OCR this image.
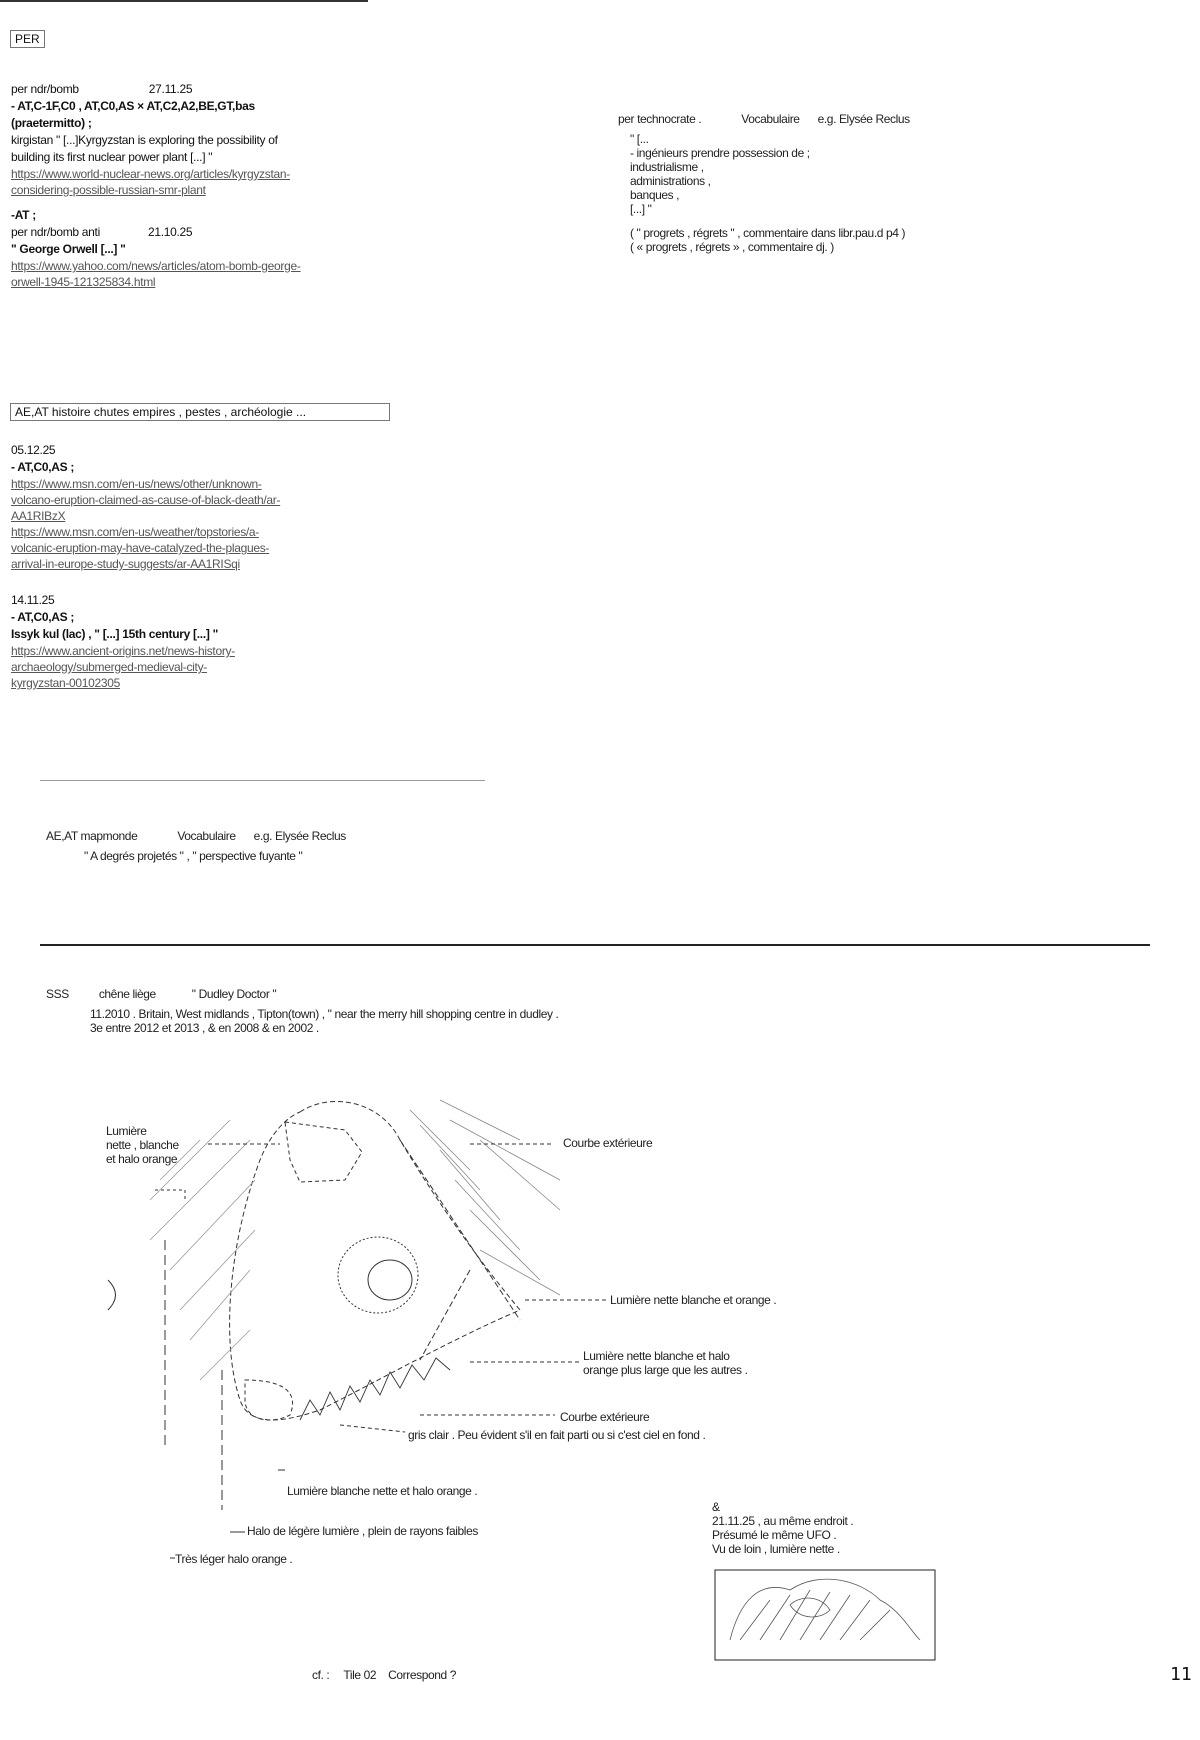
PER
per ndr/bomb	27.11.25
- AT,C-1F,C0 , AT,C0,AS × AT,C2,A2,BE,GT,bas
(praetermitto) ;
kirgistan " [...]Kyrgyzstan is exploring the possibility of
building its first nuclear power plant [...] "
https://www.world-nuclear-news.org/articles/kyrgyzstan-
considering-possible-russian-smr-plant
-AT ;
per ndr/bomb anti	21.10.25
" George Orwell [...] "
https://www.yahoo.com/news/articles/atom-bomb-george-
orwell-1945-121325834.html
AE,AT histoire chutes empires , pestes , archéologie ...
05.12.25
- AT,C0,AS ;
https://www.msn.com/en-us/news/other/unknown-
volcano-eruption-claimed-as-cause-of-black-death/ar-
AA1RIBzX
https://www.msn.com/en-us/weather/topstories/a-
volcanic-eruption-may-have-catalyzed-the-plagues-
arrival-in-europe-study-suggests/ar-AA1RISqi
14.11.25
- AT,C0,AS ;
Issyk kul (lac) , " [...] 15th century [...] "
https://www.ancient-origins.net/news-history-
archaeology/submerged-medieval-city-
kyrgyzstan-00102305
per technocrate .	Vocabulaire e.g. Elysée Reclus
" [...
- ingénieurs prendre possession de ;
industrialisme ,
administrations ,
banques ,
[...] "
( " progrets , régrets " , commentaire dans libr.pau.d p4 )
( « progrets , régrets » , commentaire dj. )
AE,AT mapmonde	Vocabulaire e.g. Elysée Reclus
" A degrés projetés " , " perspective fuyante "
SSS	chêne liège	" Dudley Doctor "
11.2010 . Britain, West midlands , Tipton(town) , " near the merry hill shopping centre in dudley .
3e entre 2012 et 2013 , & en 2008 & en 2002 .
Lumière
nette , blanche
et halo orange
Courbe extérieure
Lumière nette blanche et orange .
Lumière nette blanche et halo
orange plus large que les autres .
Courbe extérieure
gris clair . Peu évident s'il en fait parti ou si c'est ciel en fond .
Lumière blanche nette et halo orange .
Halo de légère lumière , plein de rayons faibles
Très léger halo orange .
&
21.11.25 , au même endroit .
Présumé le même UFO .
Vu de loin , lumière nette .
cf. : Tile 02 Correspond ?	11
